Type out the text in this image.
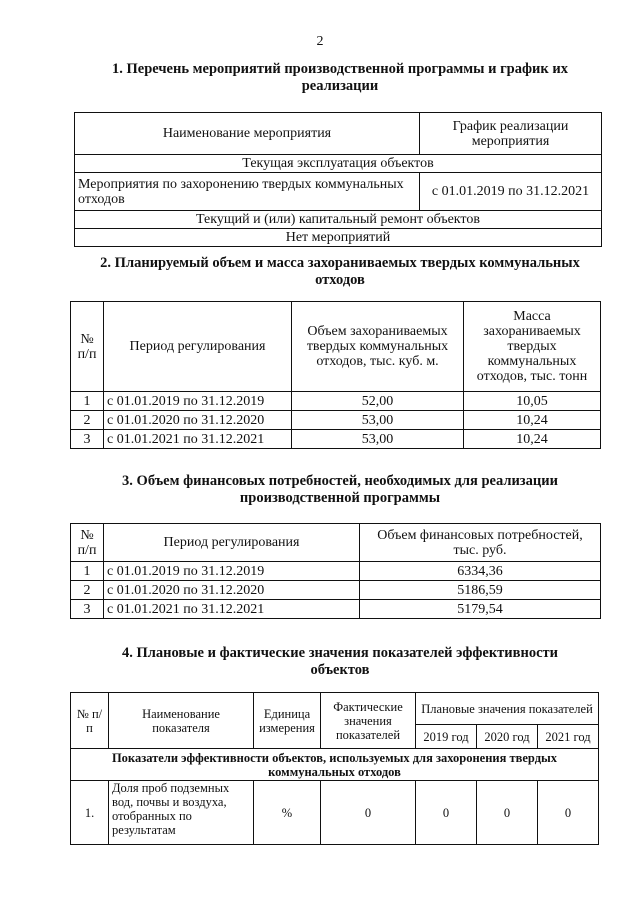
2
1. Перечень мероприятий производственной программы и график их
реализации
Наименование мероприятия	График реализации мероприятия
Текущая эксплуатация объектов	
Мероприятия по захоронению твердых коммунальных отходов	с 01.01.2019 по 31.12.2021
Текущий и (или) капитальный ремонт объектов	
Нет мероприятий	
2. Планируемый объем и масса захораниваемых твердых коммунальных
отходов
№ п/п	Период регулирования	Объем захораниваемых твердых коммунальных отходов, тыс. куб. м.	Масса захораниваемых твердых коммунальных отходов, тыс. тонн
1	с 01.01.2019 по 31.12.2019	52,00	10,05
2	с 01.01.2020 по 31.12.2020	53,00	10,24
3	с 01.01.2021 по 31.12.2021	53,00	10,24
3. Объем финансовых потребностей, необходимых для реализации
производственной программы
№ п/п	Период регулирования	Объем финансовых потребностей, тыс. руб.
1	с 01.01.2019 по 31.12.2019	6334,36
2	с 01.01.2020 по 31.12.2020	5186,59
3	с 01.01.2021 по 31.12.2021	5179,54
4. Плановые и фактические значения показателей эффективности
объектов
№ п/п	Наименование показателя	Единица измерения	Фактические значения показателей	Плановые значения показателей		
				2019 год	2020 год	2021 год
Показатели эффективности объектов, используемых для захоронения твердых коммунальных отходов						
1.	Доля проб подземных вод, почвы и воздуха, отобранных по результатам	%	0	0	0	0
